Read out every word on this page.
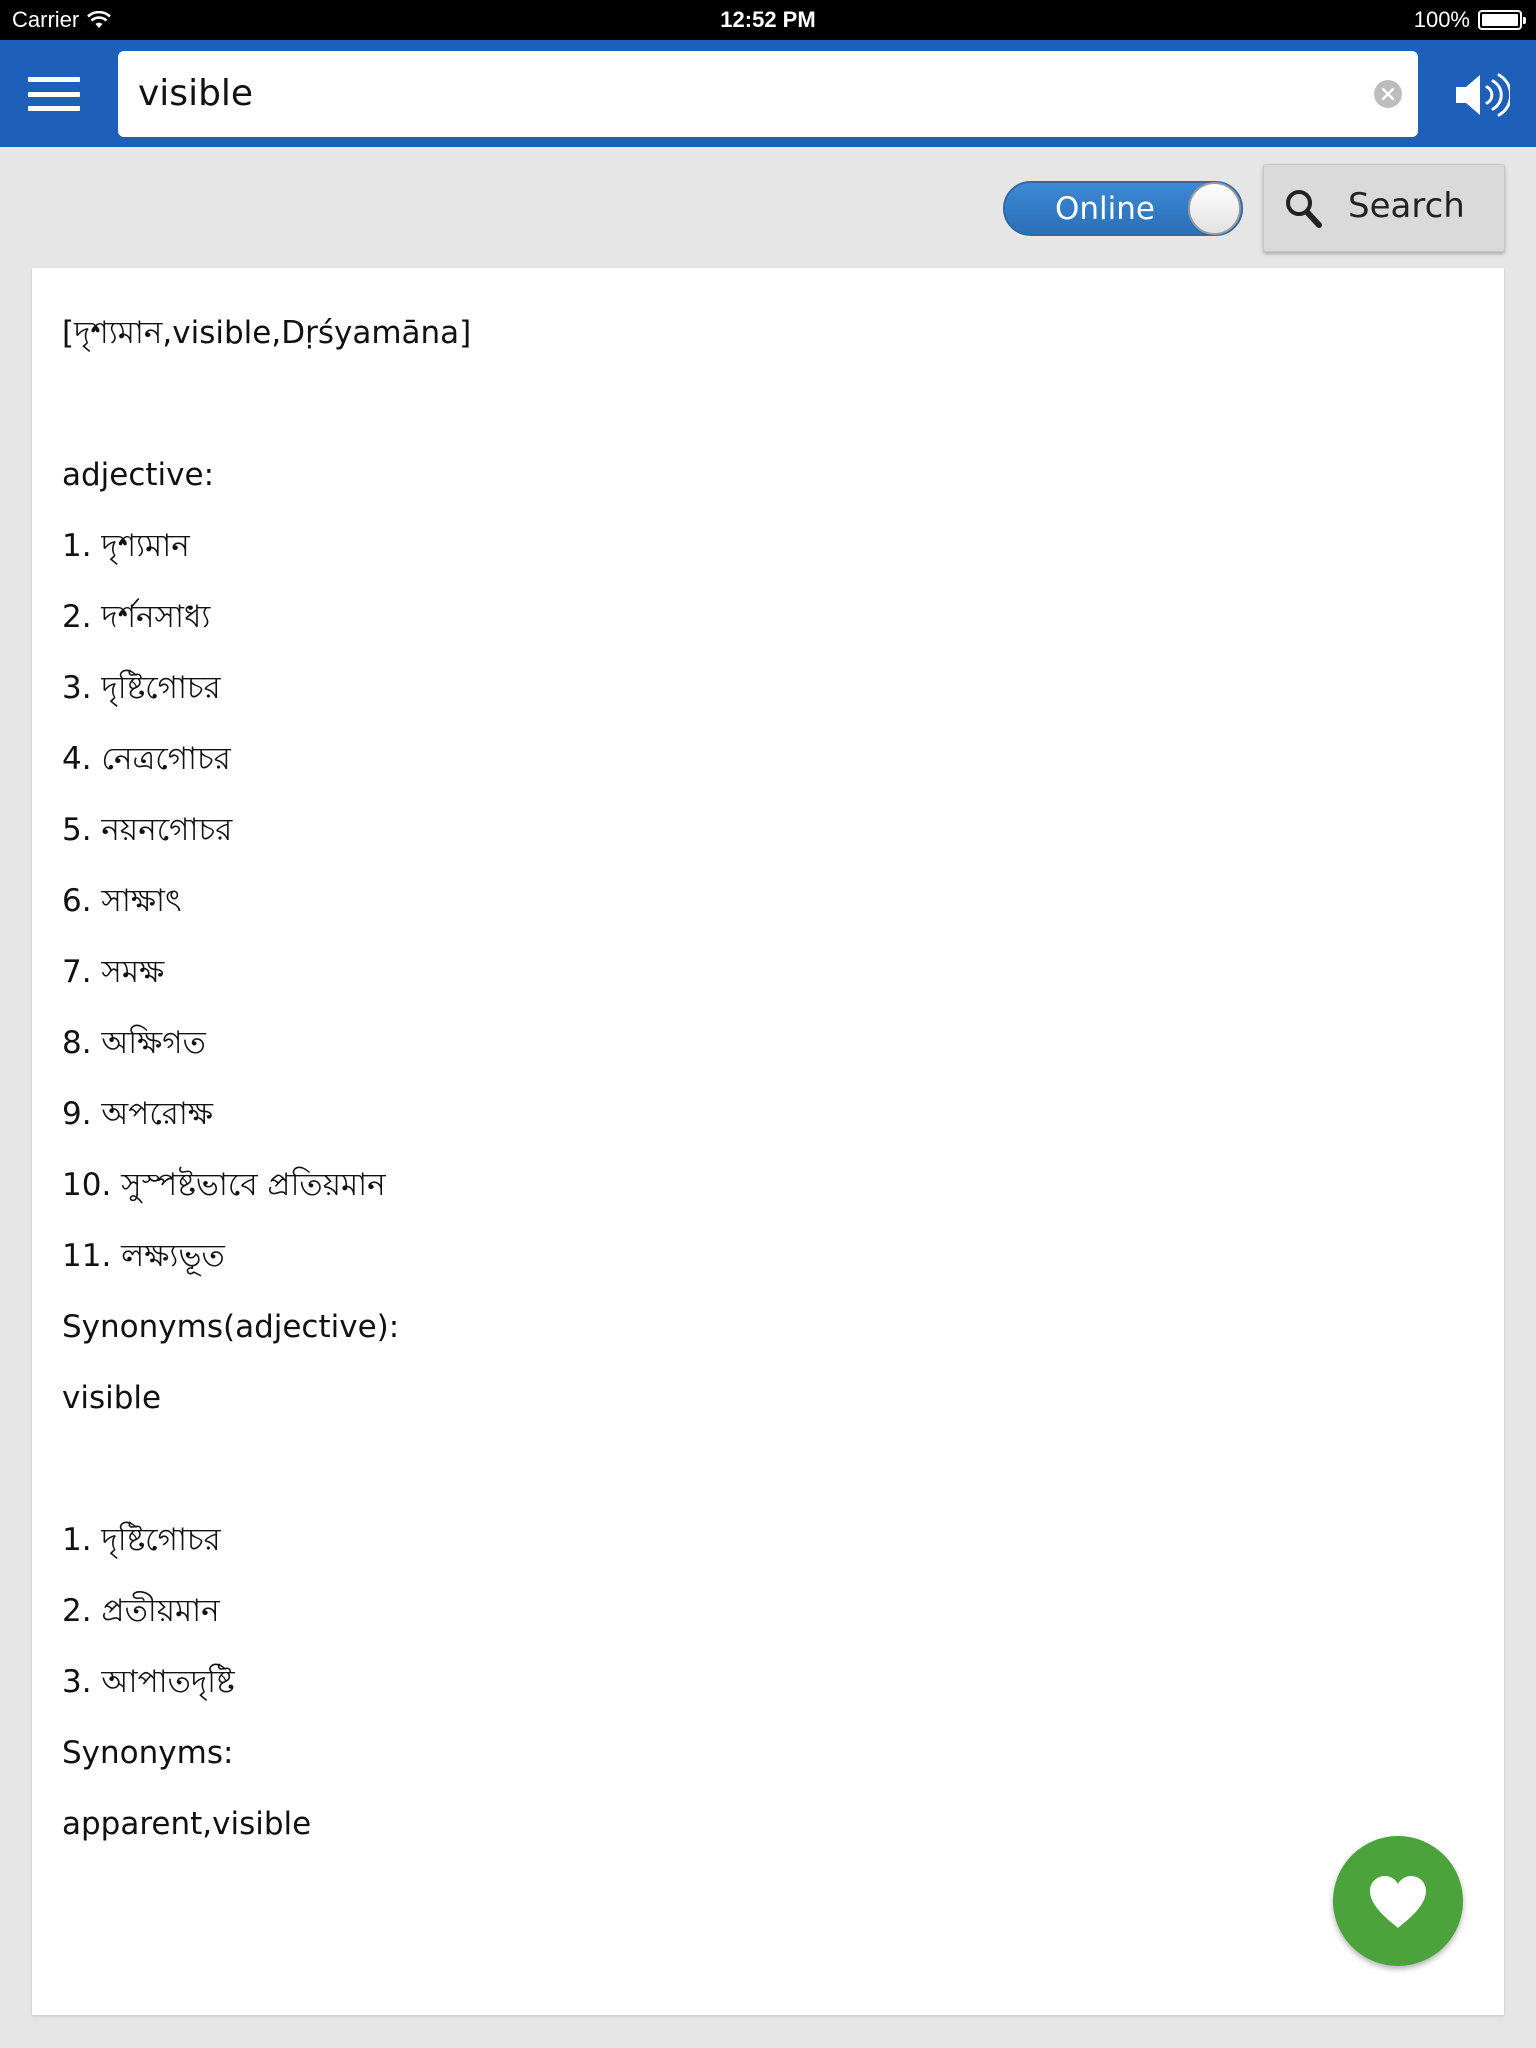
Carrier	12:52 PM	100%
visible
Online	Search
[দৃশ্যমান,visible,Dṛśyamāna]
adjective:
1. দৃশ্যমান
2. দর্শনসাধ্য
3. দৃষ্টিগোচর
4. নেত্রগোচর
5. নয়নগোচর
6. সাক্ষাৎ
7. সমক্ষ
8. অক্ষিগত
9. অপরোক্ষ
10. সুস্পষ্টভাবে প্রতিয়মান
11. লক্ষ্যভূত
Synonyms(adjective):
visible
1. দৃষ্টিগোচর
2. প্রতীয়মান
3. আপাতদৃষ্টি
Synonyms:
apparent,visible
